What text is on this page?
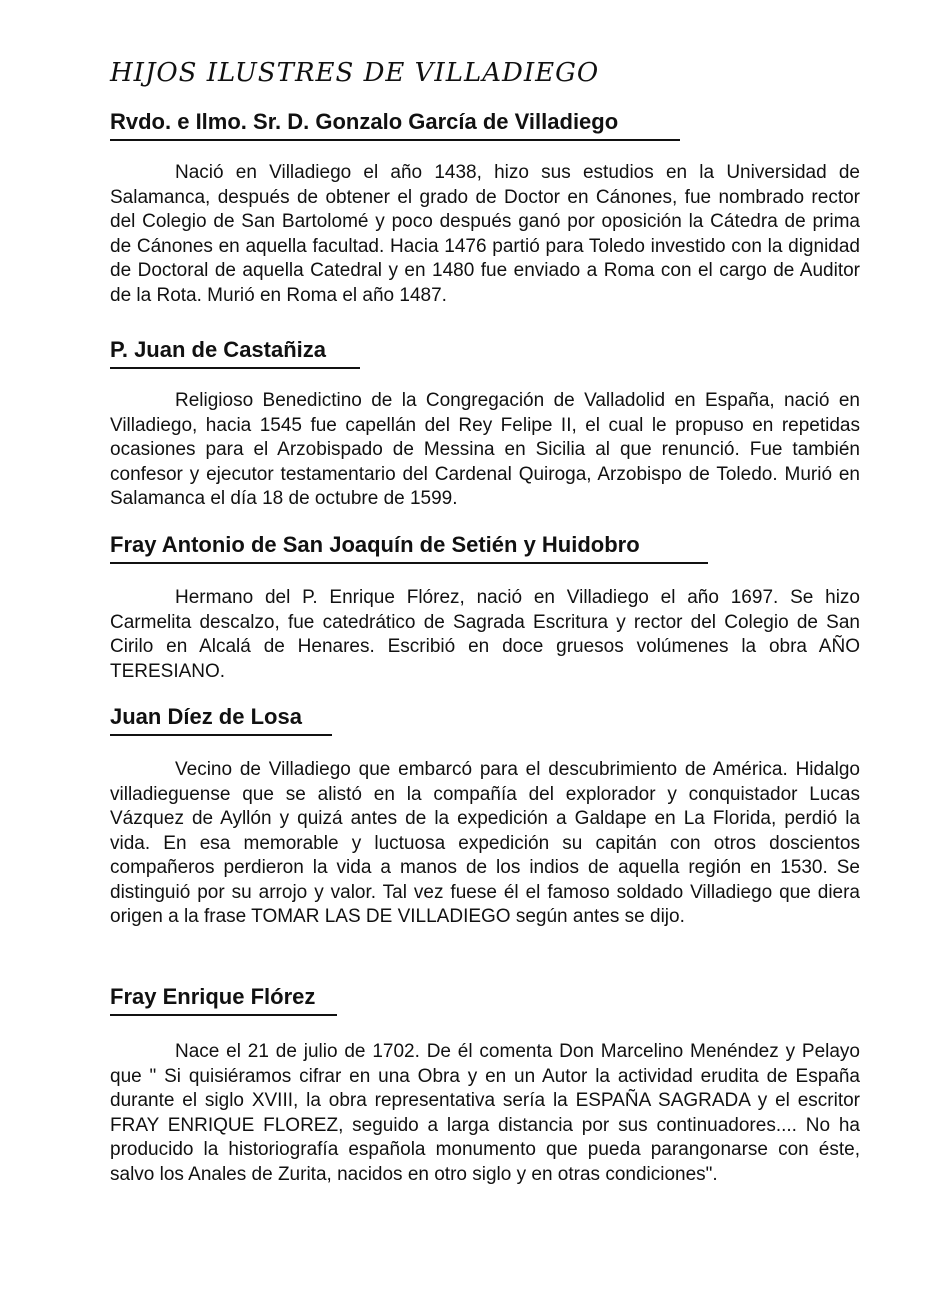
HIJOS ILUSTRES DE VILLADIEGO
Rvdo. e Ilmo. Sr. D. Gonzalo García de Villadiego

Nació en Villadiego el año 1438, hizo sus estudios en la Universidad de Salamanca, después de obtener el grado de Doctor en Cánones, fue nombrado rector del Colegio de San Bartolomé y poco después ganó por oposición la Cátedra de prima de Cánones en aquella facultad. Hacia 1476 partió para Toledo investido con la dignidad de Doctoral de aquella Catedral y en 1480 fue enviado a Roma con el cargo de Auditor de la Rota. Murió en Roma el año 1487.

P. Juan de Castañiza

Religioso Benedictino de la Congregación de Valladolid en España, nació en Villadiego, hacia 1545 fue capellán del Rey Felipe II, el cual le propuso en repetidas ocasiones para el Arzobispado de Messina en Sicilia al que renunció. Fue también confesor y ejecutor testamentario del Cardenal Quiroga, Arzobispo de Toledo. Murió en Salamanca el día 18 de octubre de 1599.

Fray Antonio de San Joaquín de Setién y Huidobro

Hermano del P. Enrique Flórez, nació en Villadiego el año 1697. Se hizo Carmelita descalzo, fue catedrático de Sagrada Escritura y rector del Colegio de San Cirilo en Alcalá de Henares. Escribió en doce gruesos volúmenes la obra AÑO TERESIANO.

Juan Díez de Losa

Vecino de Villadiego que embarcó para el descubrimiento de América. Hidalgo villadieguense que se alistó en la compañía del explorador y conquistador Lucas Vázquez de Ayllón y quizá antes de la expedición a Galdape en La Florida, perdió la vida. En esa memorable y luctuosa expedición su capitán con otros doscientos compañeros perdieron la vida a manos de los indios de aquella región en 1530. Se distinguió por su arrojo y valor. Tal vez fuese él el famoso soldado Villadiego que diera origen a la frase TOMAR LAS DE VILLADIEGO según antes se dijo.

Fray Enrique Flórez

Nace el 21 de julio de 1702. De él comenta Don Marcelino Menéndez y Pelayo que " Si quisiéramos cifrar en una Obra y en un Autor la actividad erudita de España durante el siglo XVIII, la obra representativa sería la ESPAÑA SAGRADA y el escritor FRAY ENRIQUE FLOREZ, seguido a larga distancia por sus continuadores.... No ha producido la historiografía española monumento que pueda parangonarse con éste, salvo los Anales de Zurita, nacidos en otro siglo y en otras condiciones".
